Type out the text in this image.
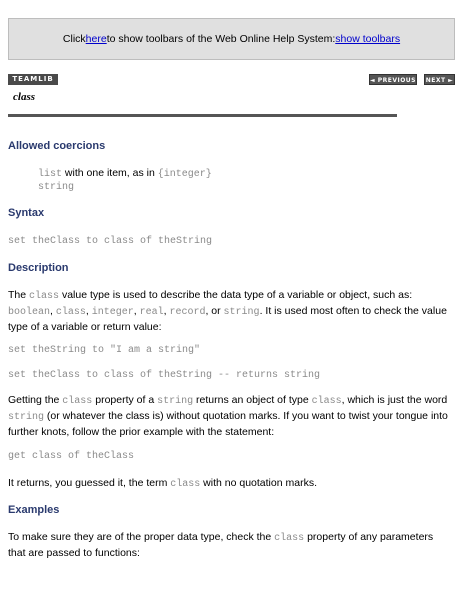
Click here to show toolbars of the Web Online Help System: show toolbars
TEAMLIB	◄ PREVIOUS NEXT ►
class
Allowed coercions
list with one item, as in {integer}
string
Syntax
set theClass to class of theString
Description
The class value type is used to describe the data type of a variable or object, such as: boolean, class, integer, real, record, or string. It is used most often to check the value type of a variable or return value:
set theString to "I am a string"
set theClass to class of theString -- returns string
Getting the class property of a string returns an object of type class, which is just the word string (or whatever the class is) without quotation marks. If you want to twist your tongue into further knots, follow the prior example with the statement:
get class of theClass
It returns, you guessed it, the term class with no quotation marks.
Examples
To make sure they are of the proper data type, check the class property of any parameters that are passed to functions:
